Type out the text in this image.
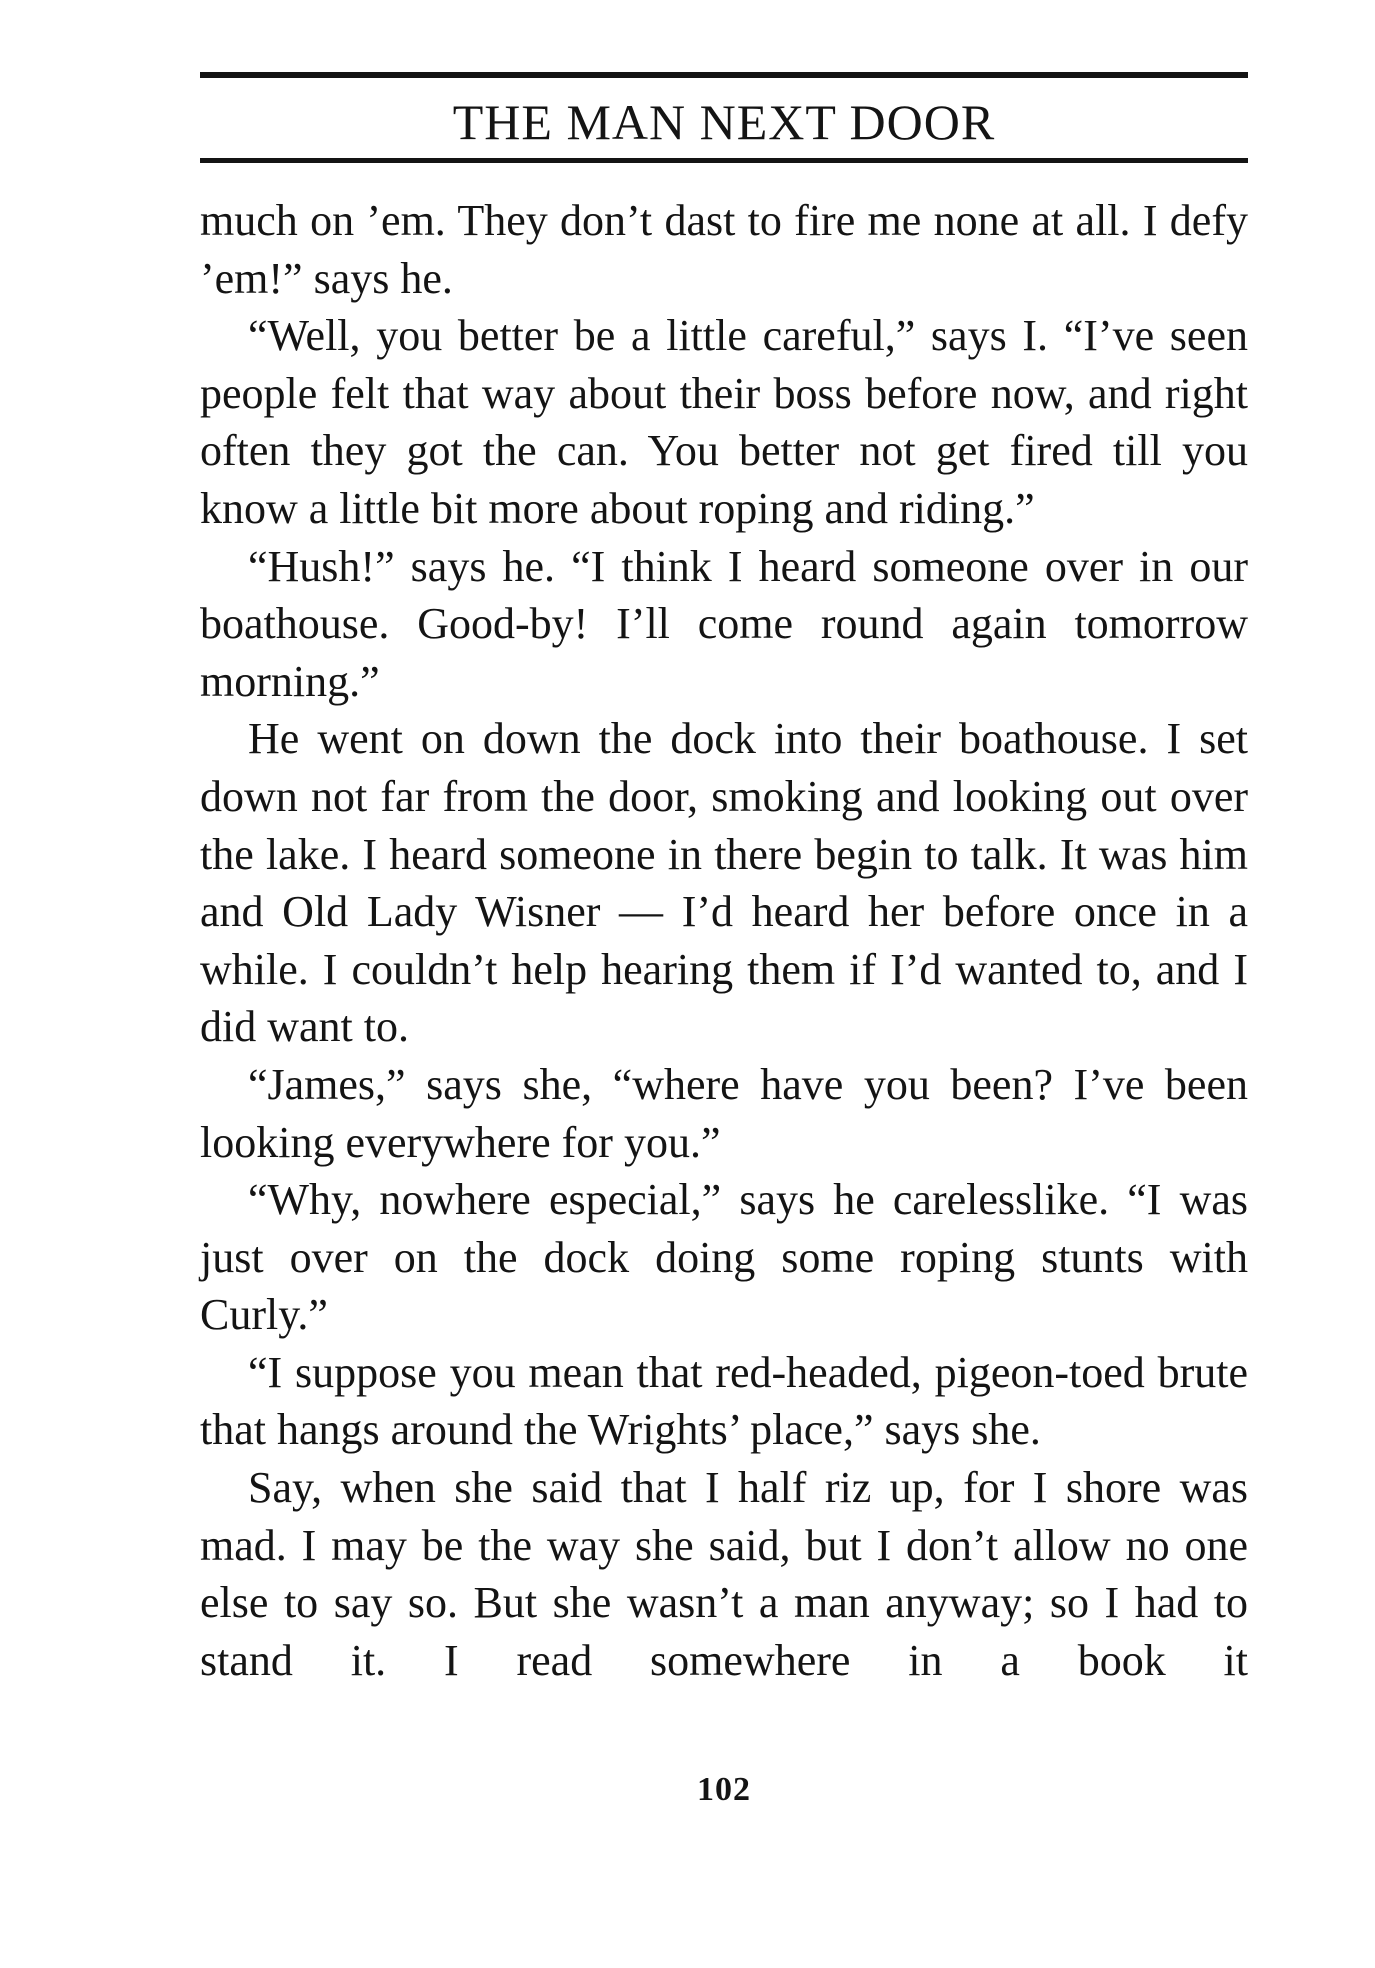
THE MAN NEXT DOOR

much on ’em. They don’t dast to fire me none at all. I defy ’em!” says he.

“Well, you better be a little careful,” says I. “I’ve seen people felt that way about their boss before now, and right often they got the can. You better not get fired till you know a little bit more about roping and riding.”

“Hush!” says he. “I think I heard someone over in our boathouse. Good-by! I’ll come round again tomorrow morning.”

He went on down the dock into their boathouse. I set down not far from the door, smoking and looking out over the lake. I heard someone in there begin to talk. It was him and Old Lady Wisner — I’d heard her before once in a while. I couldn’t help hearing them if I’d wanted to, and I did want to.

“James,” says she, “where have you been? I’ve been looking everywhere for you.”

“Why, nowhere especial,” says he carelesslike. “I was just over on the dock doing some roping stunts with Curly.”

“I suppose you mean that red-headed, pigeon-toed brute that hangs around the Wrights’ place,” says she.

Say, when she said that I half riz up, for I shore was mad. I may be the way she said, but I don’t allow no one else to say so. But she wasn’t a man anyway; so I had to stand it. I read somewhere in a book it

102
